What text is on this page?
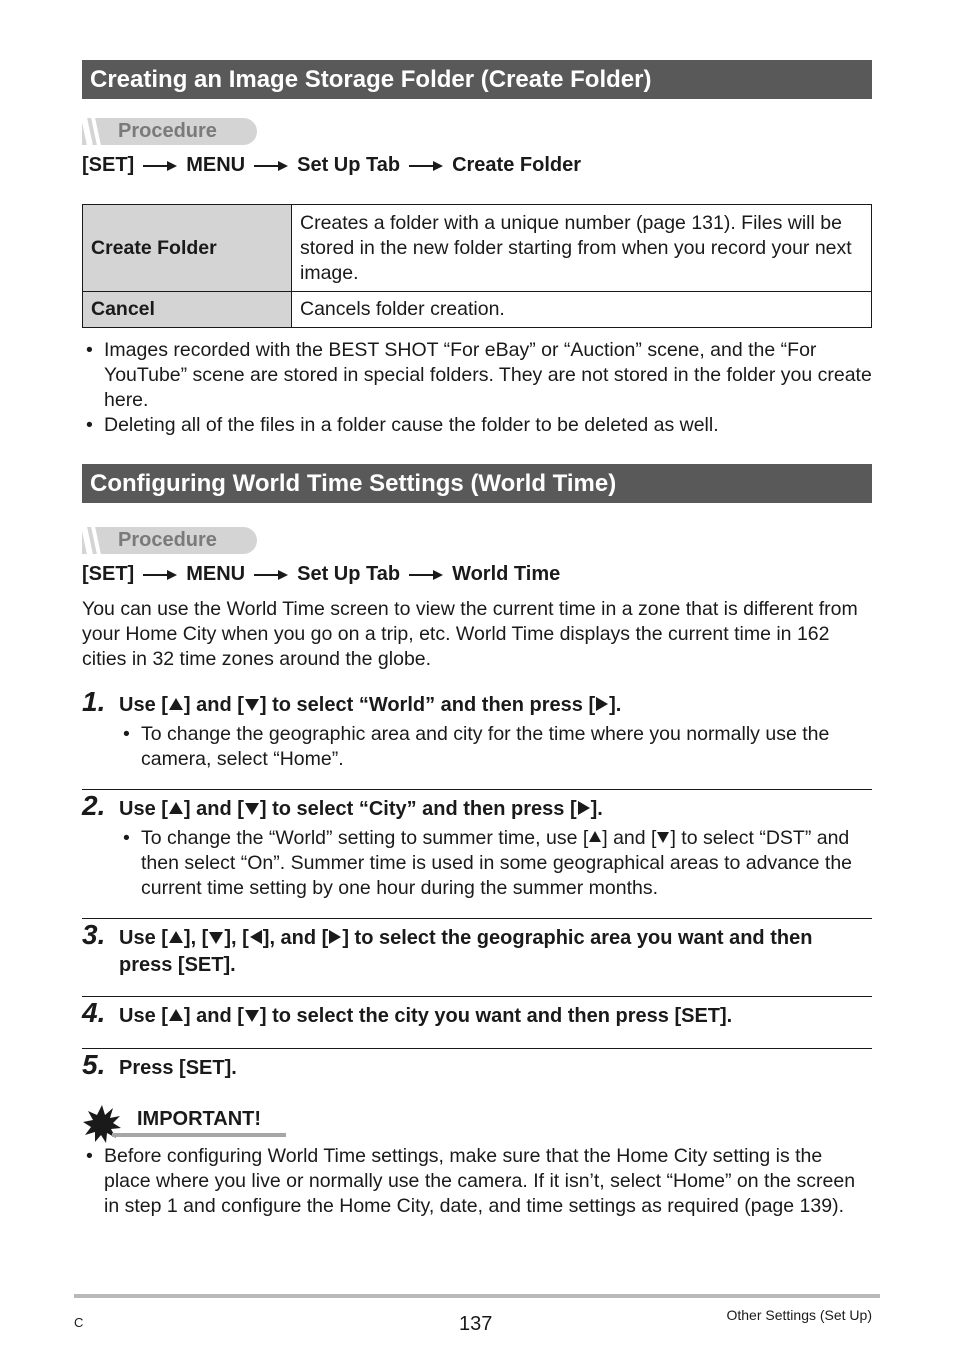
Creating an Image Storage Folder (Create Folder)
Procedure
[SET]	MENU	Set Up Tab	Create Folder
Create Folder	Creates a folder with a unique number (page 131). Files will be stored in the new folder starting from when you record your next image.
Cancel	Cancels folder creation.
• Images recorded with the BEST SHOT “For eBay” or “Auction” scene, and the “For YouTube” scene are stored in special folders. They are not stored in the folder you create here.
• Deleting all of the files in a folder cause the folder to be deleted as well.
Configuring World Time Settings (World Time)
Procedure
[SET]	MENU	Set Up Tab	World Time

You can use the World Time screen to view the current time in a zone that is different from your Home City when you go on a trip, etc. World Time displays the current time in 162 cities in 32 time zones around the globe.

1. Use [ ] and [ ] to select “World” and then press [ ].
• To change the geographic area and city for the time where you normally use the camera, select “Home”.
2. Use [ ] and [ ] to select “City” and then press [ ].
• To change the “World” setting to summer time, use [ ] and [ ] to select “DST” and then select “On”. Summer time is used in some geographical areas to advance the current time setting by one hour during the summer months.
3. Use [ ], [ ], [ ], and [ ] to select the geographic area you want and then press [SET].
4. Use [ ] and [ ] to select the city you want and then press [SET].
5. Press [SET].
IMPORTANT!
• Before configuring World Time settings, make sure that the Home City setting is the place where you live or normally use the camera. If it isn’t, select “Home” on the screen in step 1 and configure the Home City, date, and time settings as required (page 139).
C	137	Other Settings (Set Up)
